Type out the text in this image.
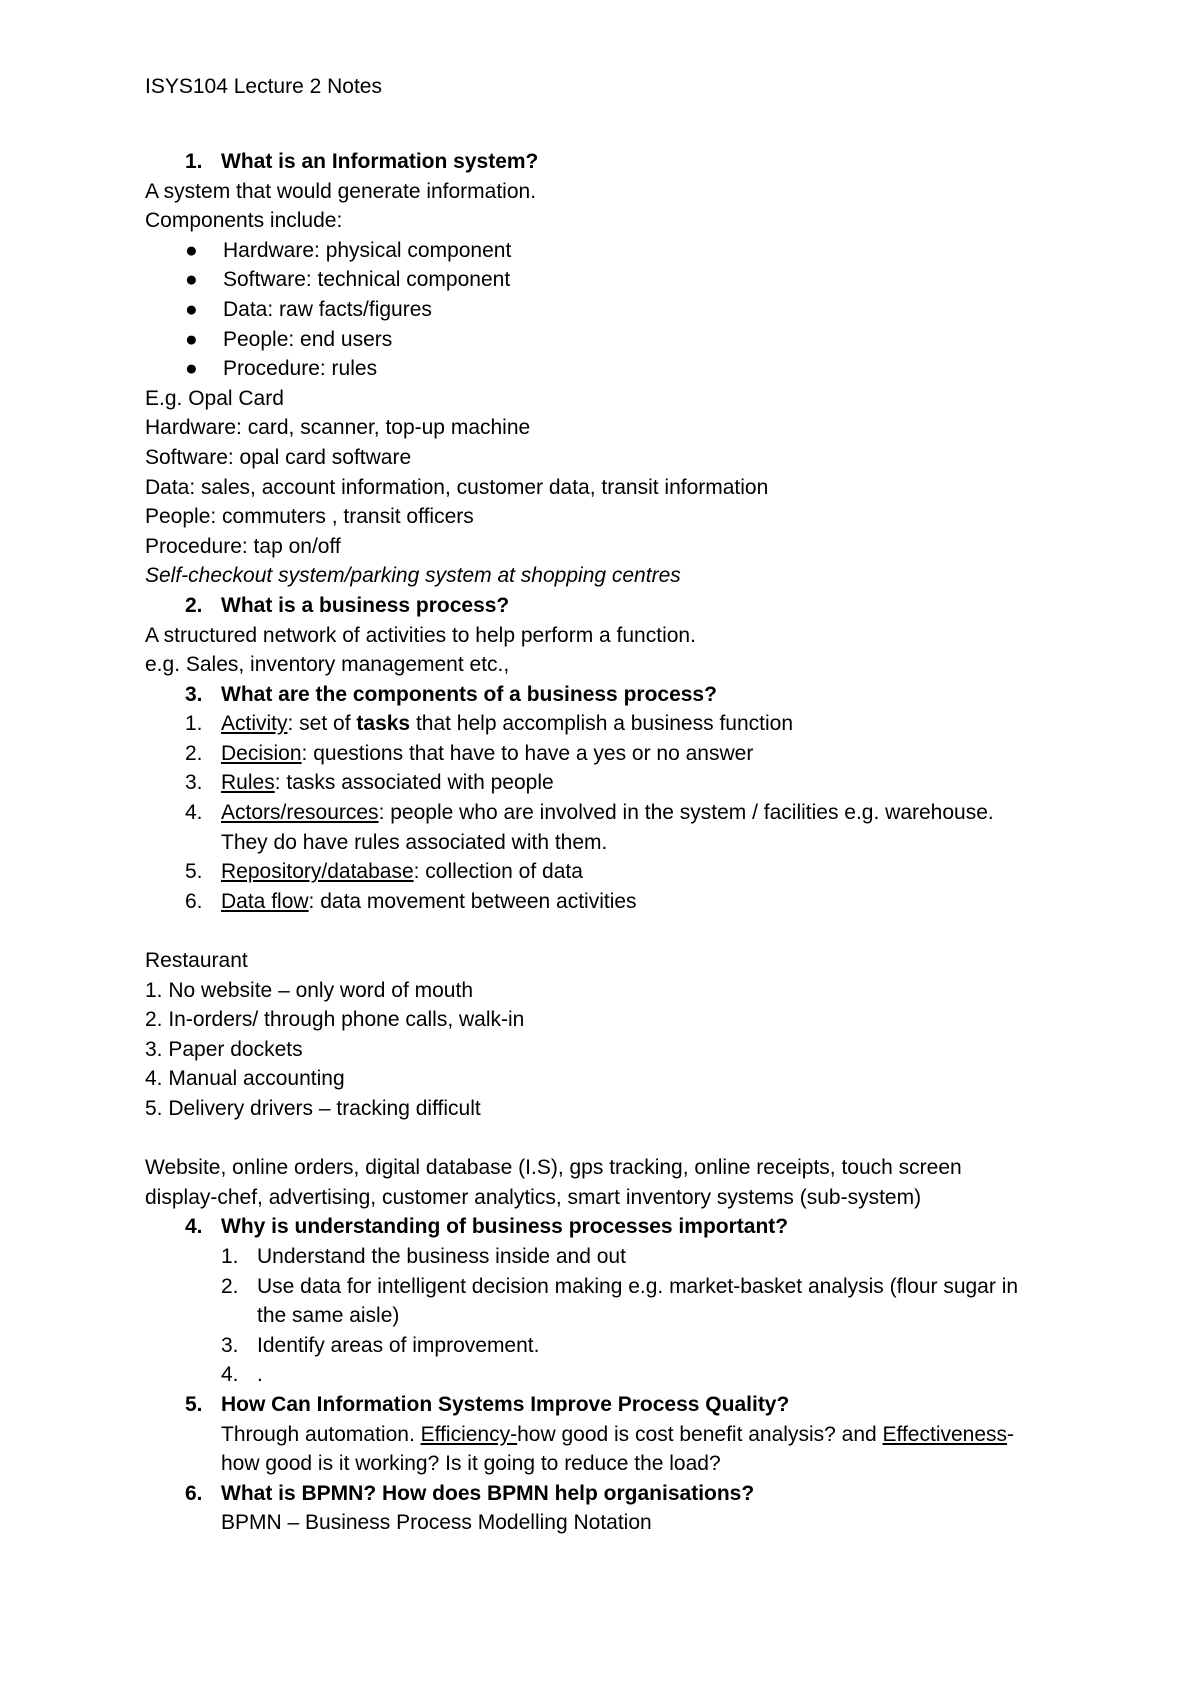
ISYS104 Lecture 2 Notes
1. What is an Information system?
A system that would generate information.
Components include:
● Hardware: physical component
● Software: technical component
● Data: raw facts/figures
● People: end users
● Procedure: rules
E.g. Opal Card
Hardware: card, scanner, top-up machine
Software: opal card software
Data: sales, account information, customer data, transit information
People: commuters , transit officers
Procedure: tap on/off
Self-checkout system/parking system at shopping centres
2. What is a business process?
A structured network of activities to help perform a function.
e.g. Sales, inventory management etc.,
3. What are the components of a business process?
1. Activity: set of tasks that help accomplish a business function
2. Decision: questions that have to have a yes or no answer
3. Rules: tasks associated with people
4. Actors/resources: people who are involved in the system / facilities e.g. warehouse.
They do have rules associated with them.
5. Repository/database: collection of data
6. Data flow: data movement between activities
Restaurant
1. No website – only word of mouth
2. In-orders/ through phone calls, walk-in
3. Paper dockets
4. Manual accounting
5. Delivery drivers – tracking difficult
Website, online orders, digital database (I.S), gps tracking, online receipts, touch screen
display-chef, advertising, customer analytics, smart inventory systems (sub-system)
4. Why is understanding of business processes important?
1. Understand the business inside and out
2. Use data for intelligent decision making e.g. market-basket analysis (flour sugar in
the same aisle)
3. Identify areas of improvement.
4. .
5. How Can Information Systems Improve Process Quality?
Through automation. Efficiency-how good is cost benefit analysis? and Effectiveness-
how good is it working? Is it going to reduce the load?
6. What is BPMN? How does BPMN help organisations?
BPMN – Business Process Modelling Notation
